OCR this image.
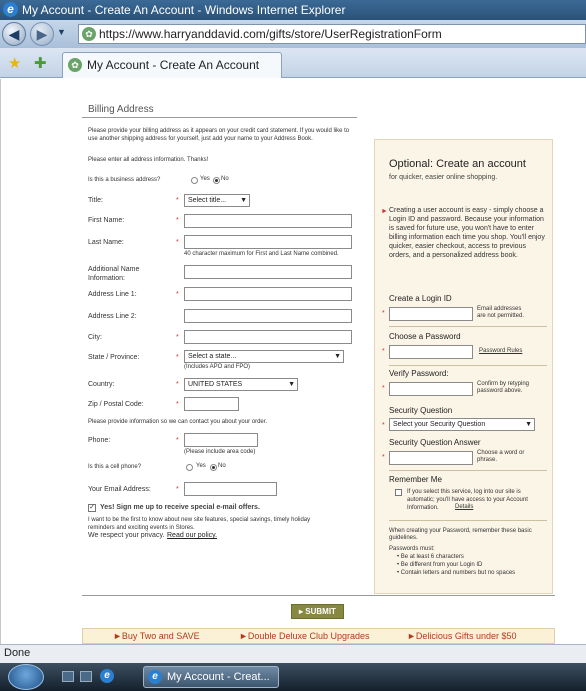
e My Account - Create An Account - Windows Internet Explorer
◀	▶	▼	✿ https://www.harryanddavid.com/gifts/store/UserRegistrationForm
★ ✚	✿ My Account - Create An Account
Billing Address
Please provide your billing address as it appears on your credit card statement. If you would like to use another shipping address for yourself, just add your name to your Address Book.
Please enter all address information. Thanks!
Is this a business address?	Yes No
Title:	*	Select title... ▼
First Name:	*
Last Name:	*
40 character maximum for First and Last Name combined.
Additional Name Information:
Address Line 1:	*
Address Line 2:
City:	*
State / Province:	*	Select a state...	▼
(Includes APO and FPO)
Country:	*	UNITED STATES	▼
Zip / Postal Code:	*
Please provide information so we can contact you about your order.
Phone:	*
(Please include area code)
Is this a cell phone?	Yes No
Your Email Address:	*
✓ Yes! Sign me up to receive special e-mail offers.
I want to be the first to know about new site features, special savings, timely holiday reminders and exciting events in Stores.
We respect your privacy. Read our policy.
Optional: Create an account
for quicker, easier online shopping.
► Creating a user account is easy - simply choose a Login ID and password. Because your information is saved for future use, you won't have to enter billing information each time you shop. You'll enjoy quicker, easier checkout, access to previous orders, and a personalized address book.
Create a Login ID
*
Email addresses are not permitted.
Choose a Password
*	Password Rules
Verify Password:
*
Confirm by retyping password above.
Security Question
*	Select your Security Question	▼
Security Question Answer
*
Choose a word or phrase.
Remember Me
If you select this service, log into our site is automatic; you'll have access to your Account Information.	Details
When creating your Password, remember these basic guidelines.
Passwords must:
• Be at least 6 characters
• Be different from your Login ID
• Contain letters and numbers but no spaces
▸ SUBMIT
►Buy Two and SAVE	►Double Deluxe Club Upgrades	►Delicious Gifts under $50
Done
e	e My Account - Creat...
